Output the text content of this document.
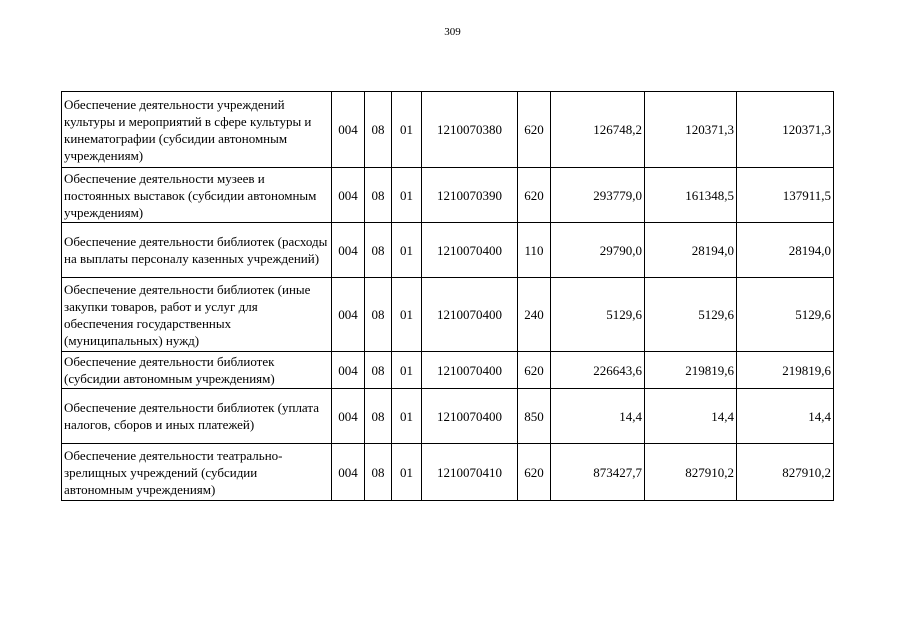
309
Обеспечение деятельности учреждений культуры и мероприятий в сфере культуры и кинематографии (субсидии автономным учреждениям)	004	08	01	1210070380	620	126748,2	120371,3	120371,3
Обеспечение деятельности музеев и постоянных выставок (субсидии автономным учреждениям)	004	08	01	1210070390	620	293779,0	161348,5	137911,5
Обеспечение деятельности библиотек (расходы на выплаты персоналу казенных учреждений)	004	08	01	1210070400	110	29790,0	28194,0	28194,0
Обеспечение деятельности библиотек (иные закупки товаров, работ и услуг для обеспечения государственных (муниципальных) нужд)	004	08	01	1210070400	240	5129,6	5129,6	5129,6
Обеспечение деятельности библиотек (субсидии автономным учреждениям)	004	08	01	1210070400	620	226643,6	219819,6	219819,6
Обеспечение деятельности библиотек (уплата налогов, сборов и иных платежей)	004	08	01	1210070400	850	14,4	14,4	14,4
Обеспечение деятельности театрально-зрелищных учреждений (субсидии автономным учреждениям)	004	08	01	1210070410	620	873427,7	827910,2	827910,2
